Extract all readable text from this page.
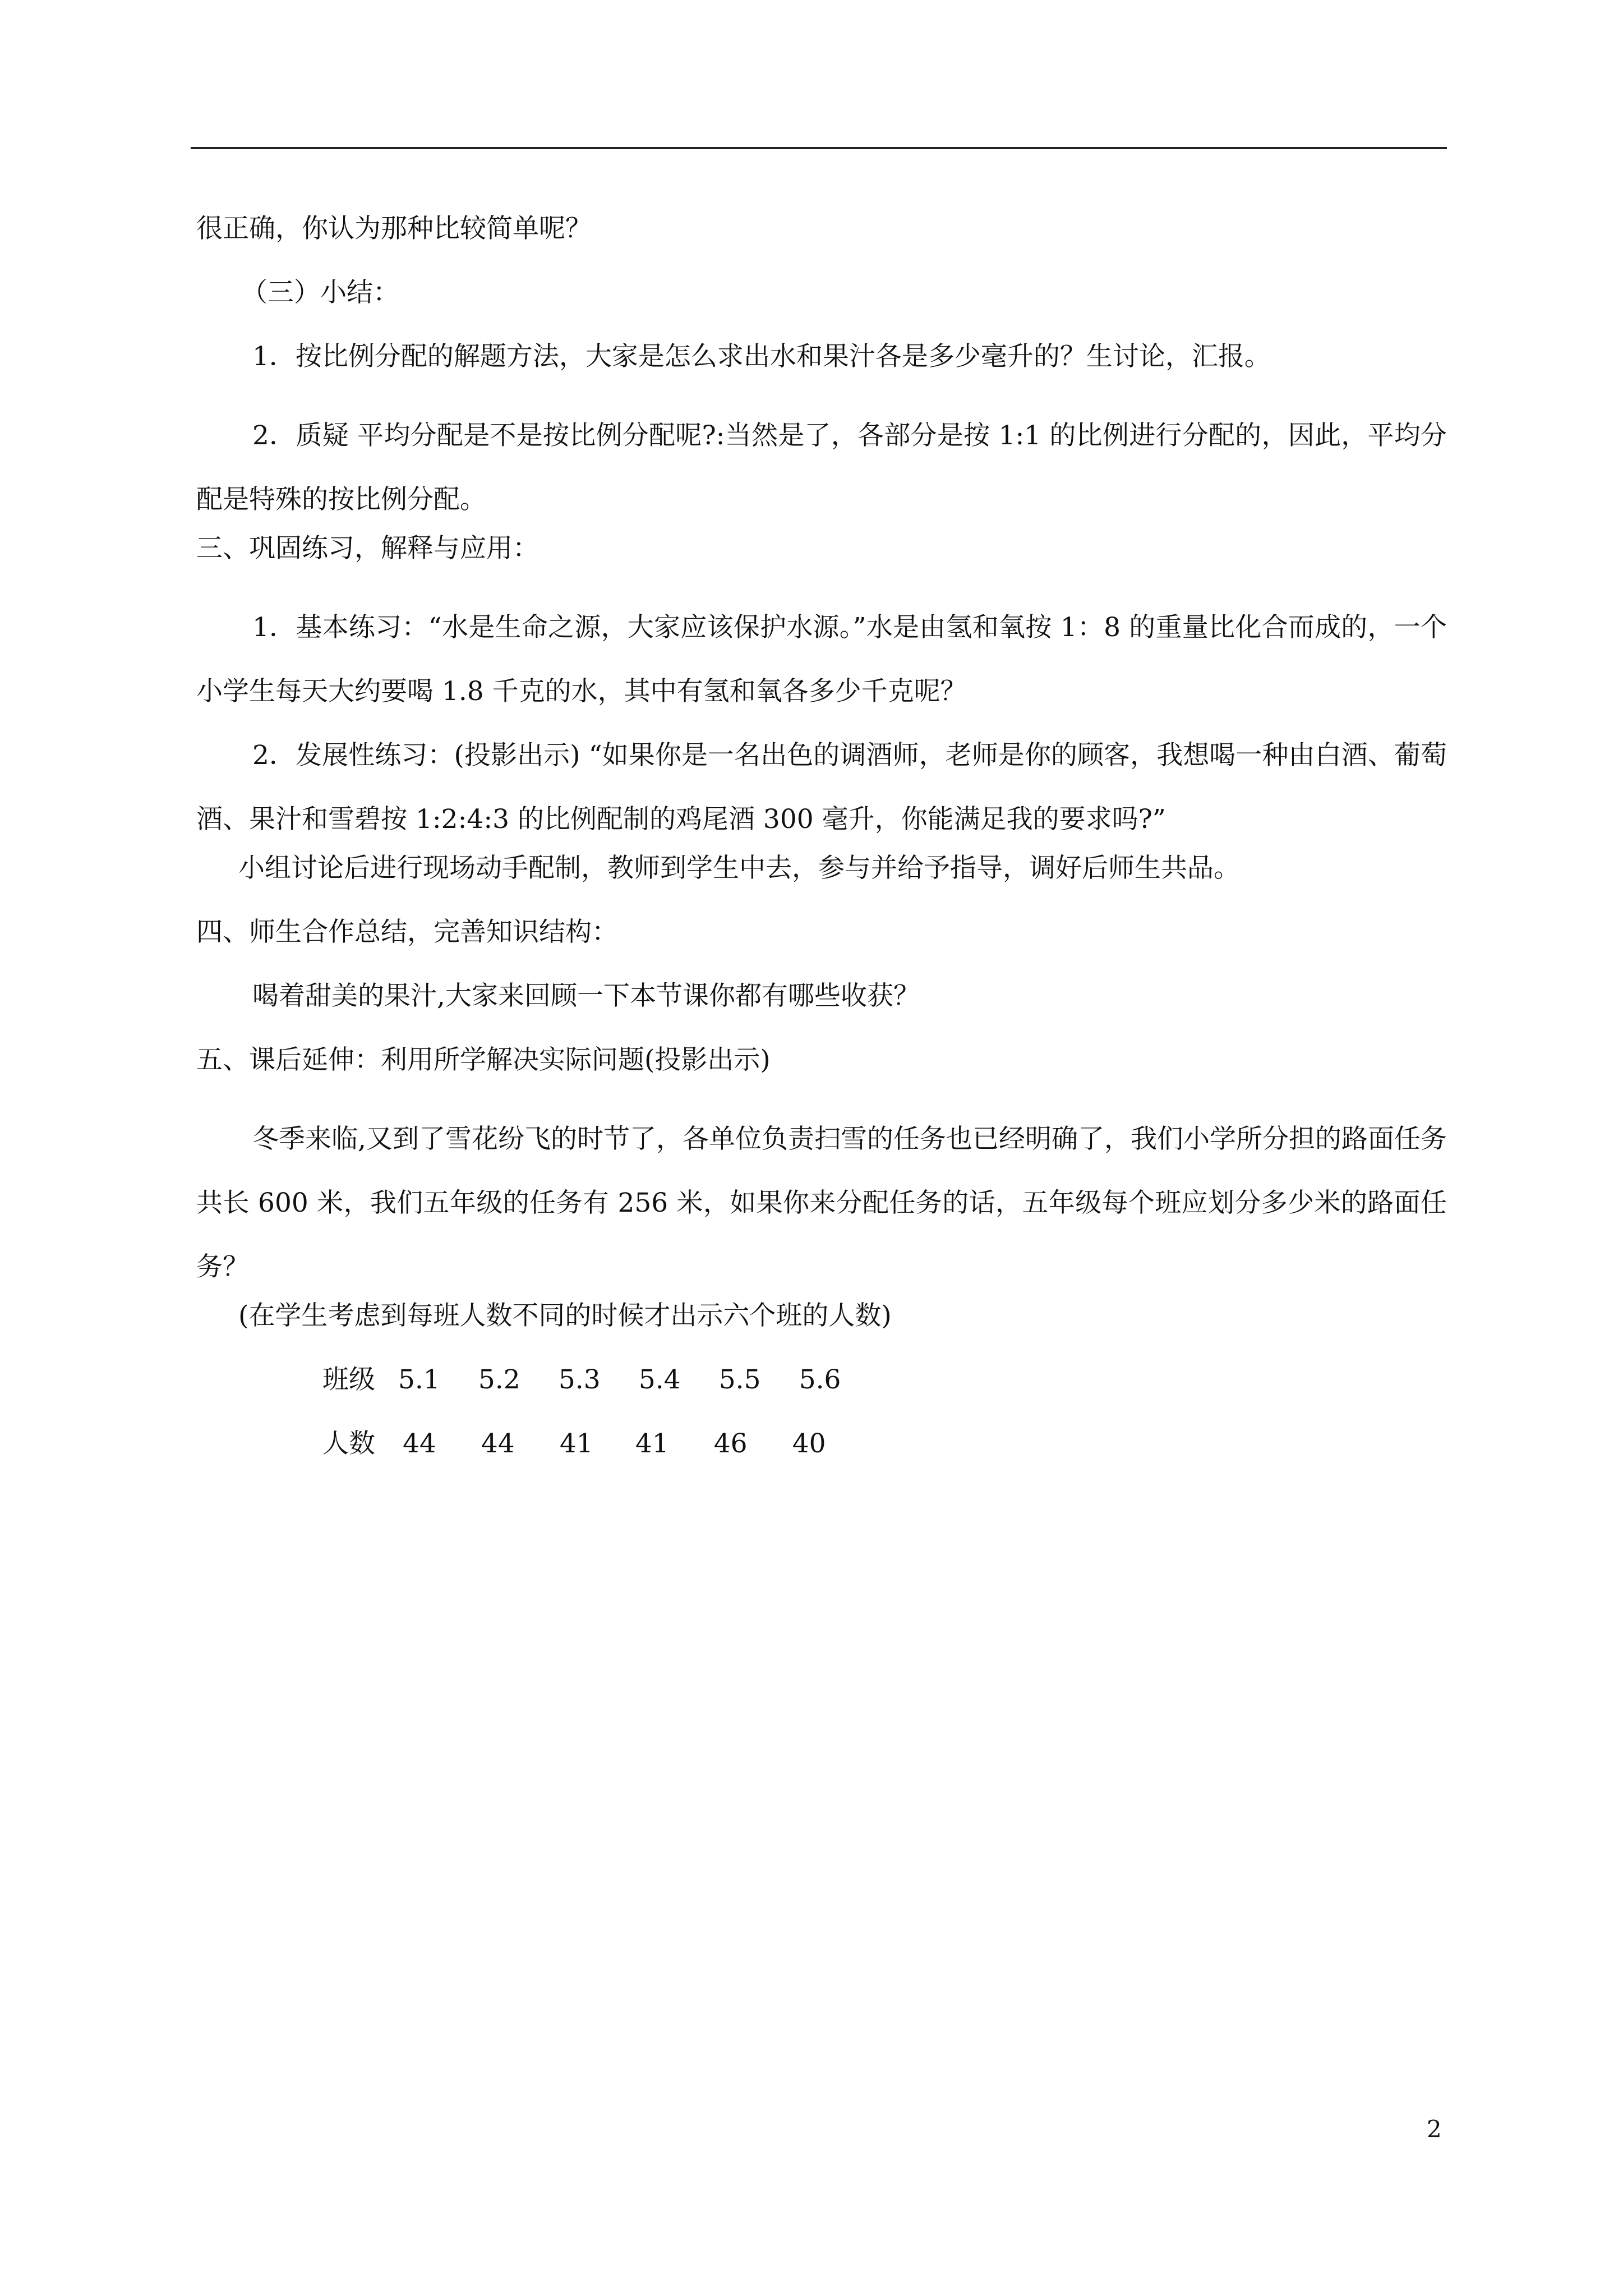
很正确，你认为那种比较简单呢？
（三）小结：
1．按比例分配的解题方法，大家是怎么求出水和果汁各是多少毫升的？生讨论，汇报。
2．质疑 平均分配是不是按比例分配呢?:当然是了，各部分是按 1:1 的比例进行分配的，因此，平均分配是特殊的按比例分配。
三、巩固练习，解释与应用：
1．基本练习：“水是生命之源，大家应该保护水源。”水是由氢和氧按 1：8 的重量比化合而成的，一个小学生每天大约要喝 1.8 千克的水，其中有氢和氧各多少千克呢？
2．发展性练习：(投影出示) “如果你是一名出色的调酒师，老师是你的顾客，我想喝一种由白酒、葡萄酒、果汁和雪碧按 1:2:4:3 的比例配制的鸡尾酒 300 毫升，你能满足我的要求吗?”
小组讨论后进行现场动手配制，教师到学生中去，参与并给予指导，调好后师生共品。
四、师生合作总结，完善知识结构：
喝着甜美的果汁,大家来回顾一下本节课你都有哪些收获？
五、课后延伸：利用所学解决实际问题(投影出示)
冬季来临,又到了雪花纷飞的时节了，各单位负责扫雪的任务也已经明确了，我们小学所分担的路面任务共长 600 米，我们五年级的任务有 256 米，如果你来分配任务的话，五年级每个班应划分多少米的路面任务？
(在学生考虑到每班人数不同的时候才出示六个班的人数)
班级 5.1 5.2 5.3 5.4 5.5 5.6
人数 44 44 41 41 46 40
2
